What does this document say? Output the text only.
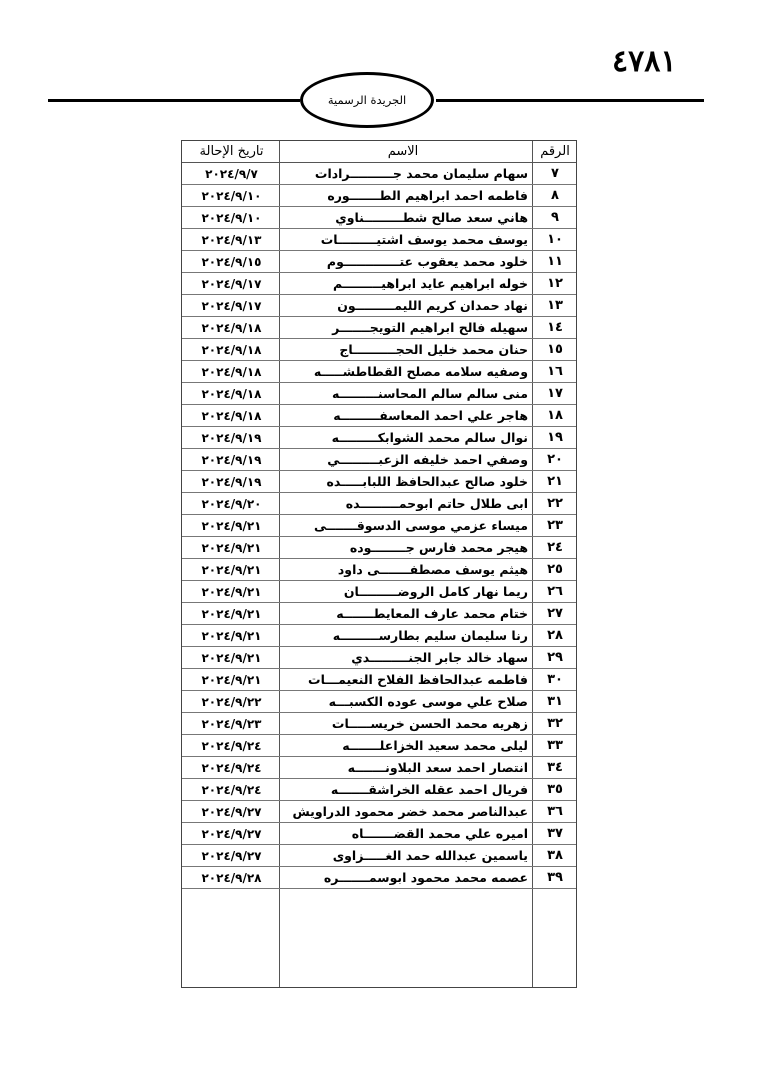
٤٧٨١
الجريدة الرسمية
الرقم
الاسم
تاريخ الإحالة
٧
سهام سليمان محمد جــــــــــرادات
٢٠٢٤/٩/٧
٨
فاطمه احمد ابراهيم الطـــــــوره
٢٠٢٤/٩/١٠
٩
هاني سعد صالح شطـــــــــناوي
٢٠٢٤/٩/١٠
١٠
يوسف محمد يوسف اشتيـــــــــات
٢٠٢٤/٩/١٣
١١
خلود محمد يعقوب عتـــــــــــــوم
٢٠٢٤/٩/١٥
١٢
خوله ابراهيم عايد ابراهيـــــــــم
٢٠٢٤/٩/١٧
١٣
نهاد حمدان كريم الليمـــــــــون
٢٠٢٤/٩/١٧
١٤
سهيله فالح ابراهيم التويجـــــــر
٢٠٢٤/٩/١٨
١٥
حنان محمد خليل الحجــــــــــاج
٢٠٢٤/٩/١٨
١٦
وصفيه سلامه مصلح القطاطشـــــه
٢٠٢٤/٩/١٨
١٧
منى سالم سالم المحاسنـــــــــه
٢٠٢٤/٩/١٨
١٨
هاجر علي احمد المعاسفـــــــــه
٢٠٢٤/٩/١٨
١٩
نوال سالم محمد الشوابكـــــــــه
٢٠٢٤/٩/١٩
٢٠
وصفي احمد خليفه الزعبـــــــــي
٢٠٢٤/٩/١٩
٢١
خلود صالح عبدالحافظ اللبابـــــده
٢٠٢٤/٩/١٩
٢٢
ابى طلال حاتم ابوحمـــــــــده
٢٠٢٤/٩/٢٠
٢٣
ميساء عزمي موسى الدسوقـــــــى
٢٠٢٤/٩/٢١
٢٤
هيجر محمد فارس جــــــــوده
٢٠٢٤/٩/٢١
٢٥
هيثم يوسف مصطفـــــــى داود
٢٠٢٤/٩/٢١
٢٦
ريما نهار كامل الروضـــــــــان
٢٠٢٤/٩/٢١
٢٧
ختام محمد عارف المعايطـــــــه
٢٠٢٤/٩/٢١
٢٨
رنا سليمان سليم بطارســـــــــه
٢٠٢٤/٩/٢١
٢٩
سهاد خالد جابر الجنـــــــــدي
٢٠٢٤/٩/٢١
٣٠
فاطمه عبدالحافظ الفلاح النعيمـــات
٢٠٢٤/٩/٢١
٣١
صلاح علي موسى عوده الكسبـــه
٢٠٢٤/٩/٢٢
٣٢
زهريه محمد الحسن خريســـــات
٢٠٢٤/٩/٢٣
٣٣
ليلى محمد سعيد الخزاعلـــــــه
٢٠٢٤/٩/٢٤
٣٤
انتصار احمد سعد البلاونـــــــه
٢٠٢٤/٩/٢٤
٣٥
فريال احمد عقله الخراشقـــــــه
٢٠٢٤/٩/٢٤
٣٦
عبدالناصر محمد خضر محمود الدراويش
٢٠٢٤/٩/٢٧
٣٧
اميره علي محمد القضـــــــاه
٢٠٢٤/٩/٢٧
٣٨
ياسمين عبدالله حمد الغـــــزاوى
٢٠٢٤/٩/٢٧
٣٩
عصمه محمد محمود ابوسمـــــــره
٢٠٢٤/٩/٢٨
